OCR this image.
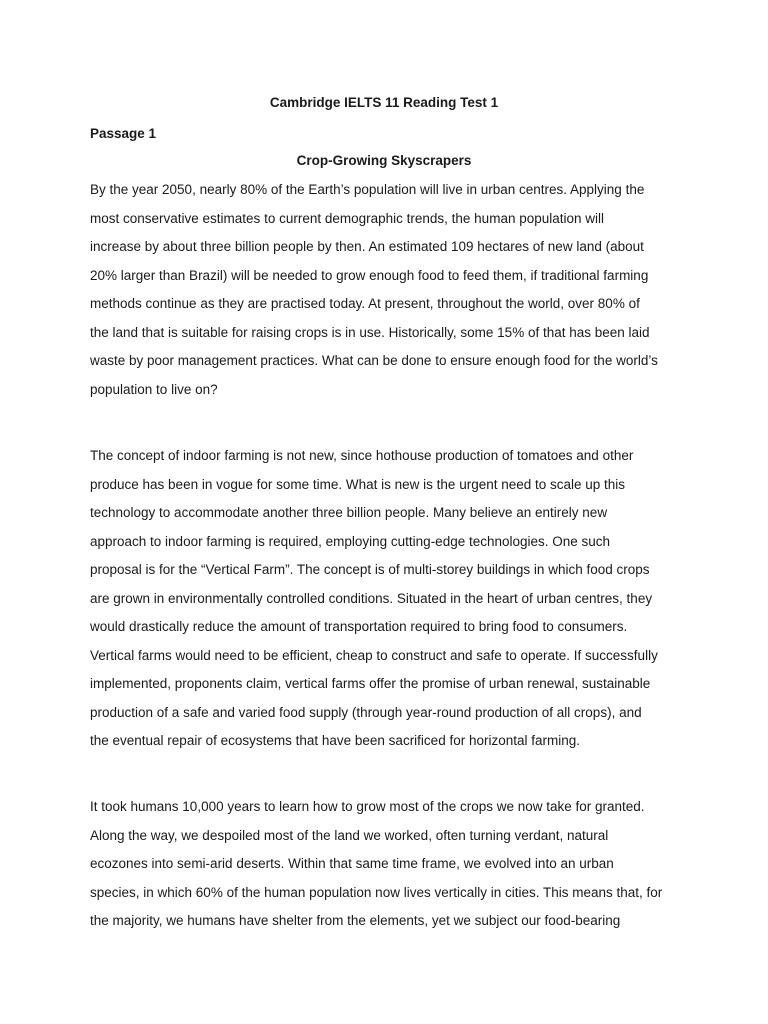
Cambridge IELTS 11 Reading Test 1
Passage 1
Crop-Growing Skyscrapers

By the year 2050, nearly 80% of the Earth’s population will live in urban centres. Applying the
most conservative estimates to current demographic trends, the human population will
increase by about three billion people by then. An estimated 109 hectares of new land (about
20% larger than Brazil) will be needed to grow enough food to feed them, if traditional farming
methods continue as they are practised today. At present, throughout the world, over 80% of
the land that is suitable for raising crops is in use. Historically, some 15% of that has been laid
waste by poor management practices. What can be done to ensure enough food for the world’s
population to live on?

The concept of indoor farming is not new, since hothouse production of tomatoes and other
produce has been in vogue for some time. What is new is the urgent need to scale up this
technology to accommodate another three billion people. Many believe an entirely new
approach to indoor farming is required, employing cutting-edge technologies. One such
proposal is for the “Vertical Farm”. The concept is of multi-storey buildings in which food crops
are grown in environmentally controlled conditions. Situated in the heart of urban centres, they
would drastically reduce the amount of transportation required to bring food to consumers.
Vertical farms would need to be efficient, cheap to construct and safe to operate. If successfully
implemented, proponents claim, vertical farms offer the promise of urban renewal, sustainable
production of a safe and varied food supply (through year-round production of all crops), and
the eventual repair of ecosystems that have been sacrificed for horizontal farming.

It took humans 10,000 years to learn how to grow most of the crops we now take for granted.
Along the way, we despoiled most of the land we worked, often turning verdant, natural
ecozones into semi-arid deserts. Within that same time frame, we evolved into an urban
species, in which 60% of the human population now lives vertically in cities. This means that, for
the majority, we humans have shelter from the elements, yet we subject our food-bearing
